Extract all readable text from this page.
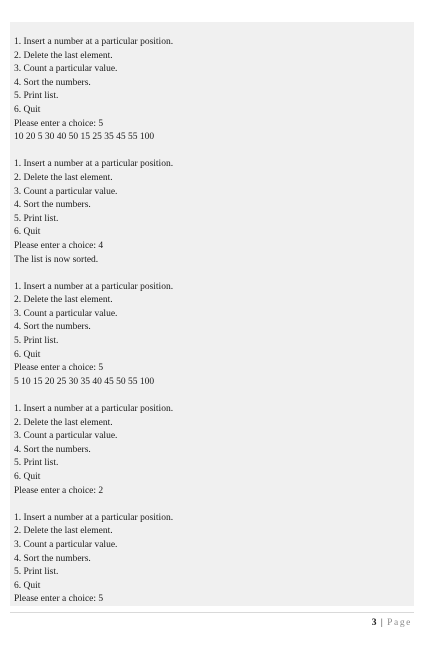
1. Insert a number at a particular position.
2. Delete the last element.
3. Count a particular value.
4. Sort the numbers.
5. Print list.
6. Quit
Please enter a choice: 5
10 20 5 30 40 50 15 25 35 45 55 100
1. Insert a number at a particular position.
2. Delete the last element.
3. Count a particular value.
4. Sort the numbers.
5. Print list.
6. Quit
Please enter a choice: 4
The list is now sorted.
1. Insert a number at a particular position.
2. Delete the last element.
3. Count a particular value.
4. Sort the numbers.
5. Print list.
6. Quit
Please enter a choice: 5
5 10 15 20 25 30 35 40 45 50 55 100
1. Insert a number at a particular position.
2. Delete the last element.
3. Count a particular value.
4. Sort the numbers.
5. Print list.
6. Quit
Please enter a choice: 2
1. Insert a number at a particular position.
2. Delete the last element.
3. Count a particular value.
4. Sort the numbers.
5. Print list.
6. Quit
Please enter a choice: 5
3 | Page
